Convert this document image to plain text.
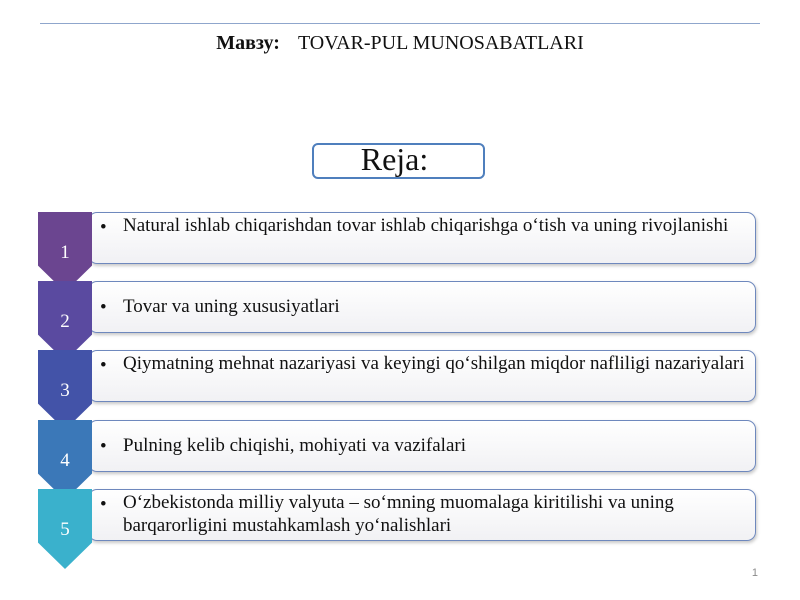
Мавзу: TOVAR-PUL MUNOSABATLARI
Reja:
1
• Natural ishlab chiqarishdan tovar ishlab chiqarishga o‘tish va uning rivojlanishi
2
• Tovar va uning xususiyatlari
3
• Qiymatning mehnat nazariyasi va keyingi qo‘shilgan miqdor nafliligi nazariyalari
4
• Pulning kelib chiqishi, mohiyati va vazifalari
5
• O‘zbekistonda milliy valyuta – so‘mning muomalaga kiritilishi va uning barqarorligini mustahkamlash yo‘nalishlari
1
